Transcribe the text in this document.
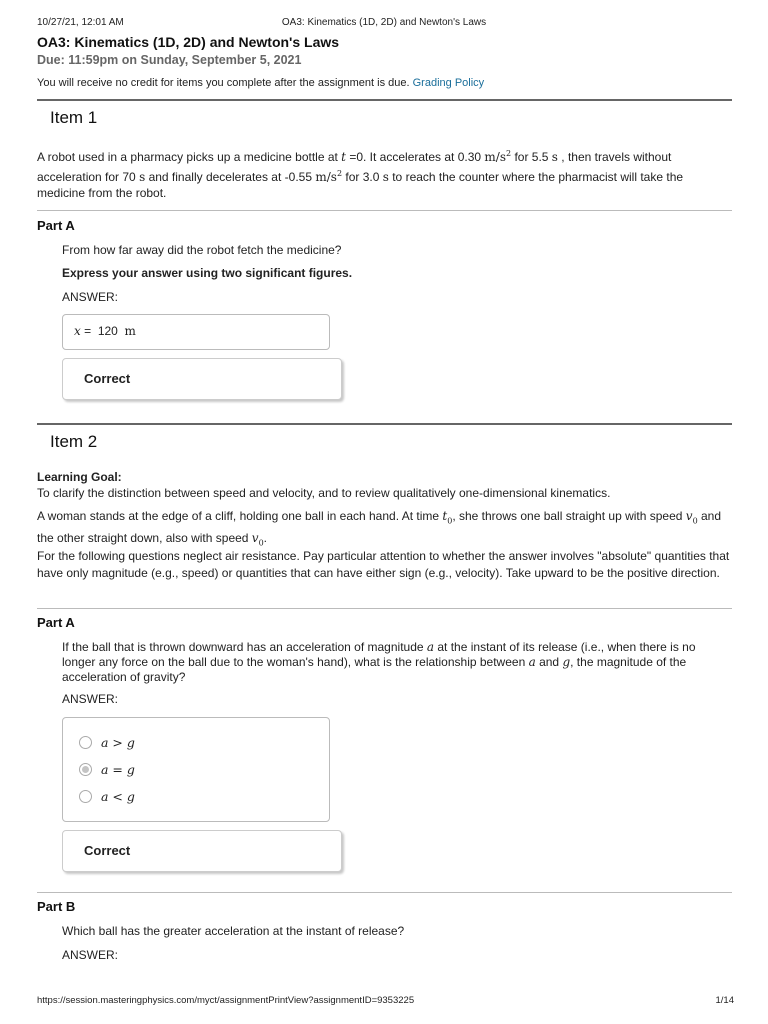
10/27/21, 12:01 AM	OA3: Kinematics (1D, 2D) and Newton's Laws
OA3: Kinematics (1D, 2D) and Newton's Laws
Due: 11:59pm on Sunday, September 5, 2021
You will receive no credit for items you complete after the assignment is due. Grading Policy
Item 1
A robot used in a pharmacy picks up a medicine bottle at t =0. It accelerates at 0.30 $m/s^2$ for 5.5 s , then travels without acceleration for 70 s and finally decelerates at -0.55 $m/s^2$ for 3.0 s to reach the counter where the pharmacist will take the medicine from the robot.
Part A
From how far away did the robot fetch the medicine?
Express your answer using two significant figures.
ANSWER:
x =  120 m
Correct
Item 2
Learning Goal:
To clarify the distinction between speed and velocity, and to review qualitatively one-dimensional kinematics.
A woman stands at the edge of a cliff, holding one ball in each hand. At time $t_0$, she throws one ball straight up with speed $v_0$ and the other straight down, also with speed $v_0$.
For the following questions neglect air resistance. Pay particular attention to whether the answer involves "absolute" quantities that have only magnitude (e.g., speed) or quantities that can have either sign (e.g., velocity). Take upward to be the positive direction.
Part A
If the ball that is thrown downward has an acceleration of magnitude a at the instant of its release (i.e., when there is no longer any force on the ball due to the woman's hand), what is the relationship between a and g, the magnitude of the acceleration of gravity?
ANSWER:
a > g
a = g
a < g
Correct
Part B
Which ball has the greater acceleration at the instant of release?
ANSWER:
https://session.masteringphysics.com/myct/assignmentPrintView?assignmentID=9353225	1/14
